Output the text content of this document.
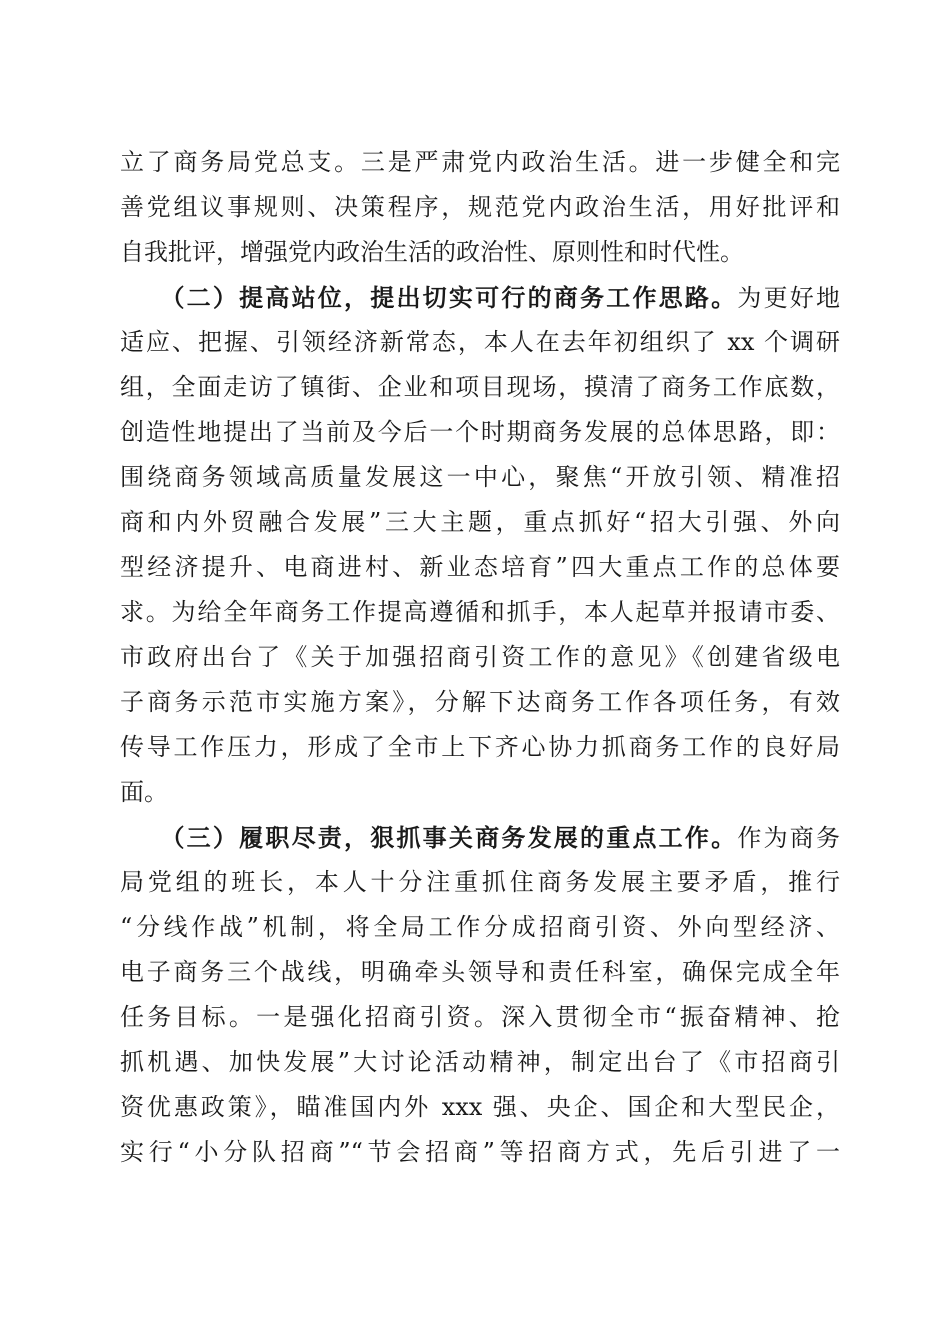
立了商务局党总支。三是严肃党内政治生活。进一步健全和完
善党组议事规则、决策程序，规范党内政治生活，用好批评和
自我批评，增强党内政治生活的政治性、原则性和时代性。
　　（二）提高站位，提出切实可行的商务工作思路。为更好地
适应、把握、引领经济新常态，本人在去年初组织了 xx 个调研
组，全面走访了镇街、企业和项目现场，摸清了商务工作底数，
创造性地提出了当前及今后一个时期商务发展的总体思路，即：
围绕商务领域高质量发展这一中心，聚焦“开放引领、精准招
商和内外贸融合发展”三大主题，重点抓好“招大引强、外向
型经济提升、电商进村、新业态培育”四大重点工作的总体要
求。为给全年商务工作提高遵循和抓手，本人起草并报请市委、
市政府出台了《关于加强招商引资工作的意见》《创建省级电
子商务示范市实施方案》，分解下达商务工作各项任务，有效
传导工作压力，形成了全市上下齐心协力抓商务工作的良好局
面。
　　（三）履职尽责，狠抓事关商务发展的重点工作。作为商务
局党组的班长，本人十分注重抓住商务发展主要矛盾，推行
“分线作战”机制，将全局工作分成招商引资、外向型经济、
电子商务三个战线，明确牵头领导和责任科室，确保完成全年
任务目标。一是强化招商引资。深入贯彻全市“振奋精神、抢
抓机遇、加快发展”大讨论活动精神，制定出台了《市招商引
资优惠政策》，瞄准国内外 xxx 强、央企、国企和大型民企，
实行“小分队招商”“节会招商”等招商方式，先后引进了一
